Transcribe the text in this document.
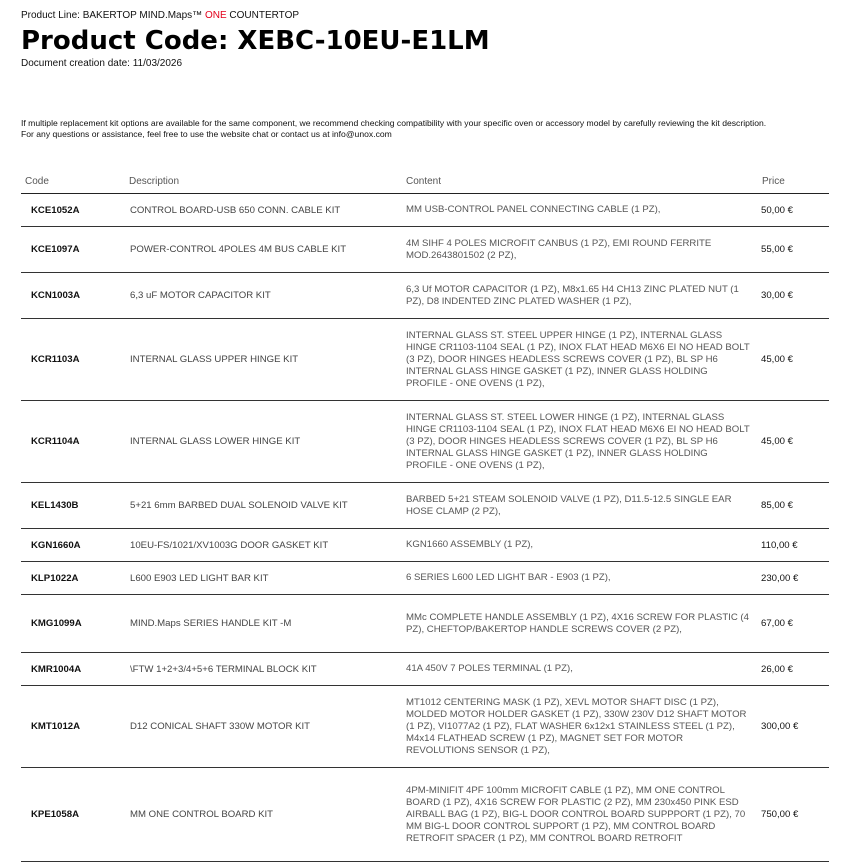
Product Line: BAKERTOP MIND.Maps™ ONE COUNTERTOP
Product Code: XEBC-10EU-E1LM
Document creation date: 11/03/2026
If multiple replacement kit options are available for the same component, we recommend checking compatibility with your specific oven or accessory model by carefully reviewing the kit description.
For any questions or assistance, feel free to use the website chat or contact us at info@unox.com
Code	Description	Content	Price
KCE1052A	CONTROL BOARD-USB 650 CONN. CABLE KIT	MM USB-CONTROL PANEL CONNECTING CABLE (1 PZ),	50,00 €
KCE1097A	POWER-CONTROL 4POLES 4M BUS CABLE KIT	4M SIHF 4 POLES MICROFIT CANBUS (1 PZ), EMI ROUND FERRITE MOD.2643801502 (2 PZ),	55,00 €
KCN1003A	6,3 uF MOTOR CAPACITOR KIT	6,3 Uf MOTOR CAPACITOR (1 PZ), M8x1.65 H4 CH13 ZINC PLATED NUT (1 PZ), D8 INDENTED ZINC PLATED WASHER (1 PZ),	30,00 €
KCR1103A	INTERNAL GLASS UPPER HINGE KIT	INTERNAL GLASS ST. STEEL UPPER HINGE (1 PZ), INTERNAL GLASS HINGE CR1103-1104 SEAL (1 PZ), INOX FLAT HEAD M6X6 EI NO HEAD BOLT (3 PZ), DOOR HINGES HEADLESS SCREWS COVER (1 PZ), BL SP H6 INTERNAL GLASS HINGE GASKET (1 PZ), INNER GLASS HOLDING PROFILE - ONE OVENS (1 PZ),	45,00 €
KCR1104A	INTERNAL GLASS LOWER HINGE KIT	INTERNAL GLASS ST. STEEL LOWER HINGE (1 PZ), INTERNAL GLASS HINGE CR1103-1104 SEAL (1 PZ), INOX FLAT HEAD M6X6 EI NO HEAD BOLT (3 PZ), DOOR HINGES HEADLESS SCREWS COVER (1 PZ), BL SP H6 INTERNAL GLASS HINGE GASKET (1 PZ), INNER GLASS HOLDING PROFILE - ONE OVENS (1 PZ),	45,00 €
KEL1430B	5+21 6mm BARBED DUAL SOLENOID VALVE KIT	BARBED 5+21 STEAM SOLENOID VALVE (1 PZ), D11.5-12.5 SINGLE EAR HOSE CLAMP (2 PZ),	85,00 €
KGN1660A	10EU-FS/1021/XV1003G DOOR GASKET KIT	KGN1660 ASSEMBLY (1 PZ),	110,00 €
KLP1022A	L600 E903 LED LIGHT BAR KIT	6 SERIES L600 LED LIGHT BAR - E903 (1 PZ),	230,00 €
KMG1099A	MIND.Maps SERIES HANDLE KIT -M	MMc COMPLETE HANDLE ASSEMBLY (1 PZ), 4X16 SCREW FOR PLASTIC (4 PZ), CHEFTOP/BAKERTOP HANDLE SCREWS COVER (2 PZ),	67,00 €
KMR1004A	\FTW 1+2+3/4+5+6 TERMINAL BLOCK KIT	41A 450V 7 POLES TERMINAL (1 PZ),	26,00 €
KMT1012A	D12 CONICAL SHAFT 330W MOTOR KIT	MT1012 CENTERING MASK (1 PZ), XEVL MOTOR SHAFT DISC (1 PZ), MOLDED MOTOR HOLDER GASKET (1 PZ), 330W 230V D12 SHAFT MOTOR (1 PZ), VI1077A2 (1 PZ), FLAT WASHER 6x12x1 STAINLESS STEEL (1 PZ), M4x14 FLATHEAD SCREW (1 PZ), MAGNET SET FOR MOTOR REVOLUTIONS SENSOR (1 PZ),	300,00 €
KPE1058A	MM ONE CONTROL BOARD KIT	4PM-MINIFIT 4PF 100mm MICROFIT CABLE (1 PZ), MM ONE CONTROL BOARD (1 PZ), 4X16 SCREW FOR PLASTIC (2 PZ), MM 230x450 PINK ESD AIRBALL BAG (1 PZ), BIG-L DOOR CONTROL BOARD SUPPPORT (1 PZ), 70 MM BIG-L DOOR CONTROL SUPPORT (1 PZ), MM CONTROL BOARD RETROFIT SPACER (1 PZ), MM CONTROL BOARD RETROFIT	750,00 €
